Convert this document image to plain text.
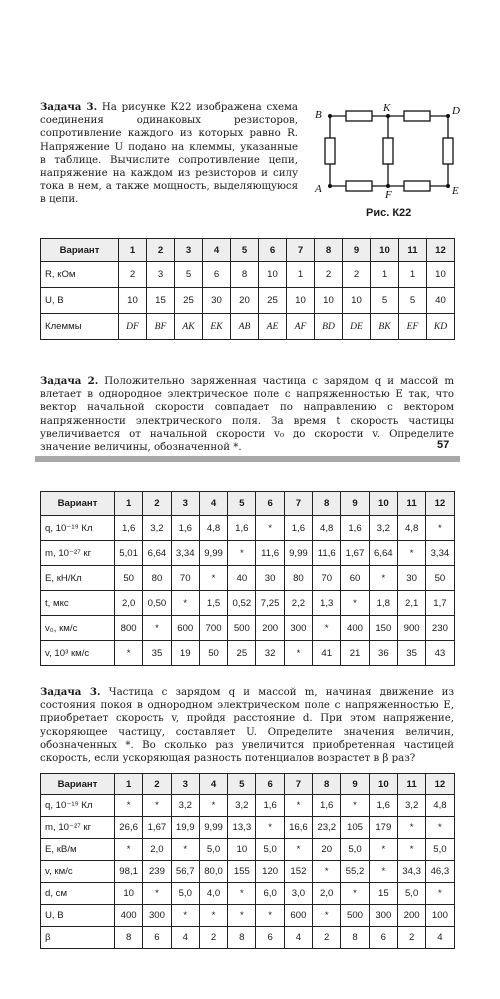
Задача 3. На рисунке К22 изображена схема соединения одинаковых резисторов, сопротивление каждого из которых равно R. Напряжение U подано на клеммы, указанные в таблице. Вычислите сопротивление цепи, напряжение на каждом из резисторов и силу тока в нем, а также мощность, выделяющуюся в цепи.

B
K	D
A	F	E
Рис. К22
Вариант	1	2	3	4	5	6	7	8	9	10	11	12
R, кОм	2	3	5	6	8	10	1	2	2	1	1	10
U, В	10	15	25	30	20	25	10	10	10	5	5	40
Клеммы	DF	BF	AK	EK	AB	AE	AF	BD	DE	BK	EF	KD

Задача 2. Положительно заряженная частица с зарядом q и массой m влетает в однородное электрическое поле с напряженностью E так, что вектор начальной скорости совпадает по направлению с вектором напряженности электрического поля. За время t скорость частицы увеличивается от начальной скорости v₀ до скорости v. Определите значение величины, обозначенной *.	57
Вариант	1	2	3	4	5	6	7	8	9	10	11	12
q, 10⁻¹⁹ Кл	1,6	3,2	1,6	4,8	1,6	*	1,6	4,8	1,6	3,2	4,8	*
m, 10⁻²⁷ кг	5,01	6,64	3,34	9,99	*	11,6	9,99	11,6	1,67	6,64	*	3,34
E, кН/Кл	50	80	70	*	40	30	80	70	60	*	30	50
t, мкс	2,0	0,50	*	1,5	0,52	7,25	2,2	1,3	*	1,8	2,1	1,7
v₀, км/с	800	*	600	700	500	200	300	*	400	150	900	230
v, 10³ км/с	*	35	19	50	25	32	*	41	21	36	35	43

Задача 3. Частица с зарядом q и массой m, начиная движение из состояния покоя в однородном электрическом поле с напряженностью E, приобретает скорость v, пройдя расстояние d. При этом напряжение, ускоряющее частицу, составляет U. Определите значения величин, обозначенных *. Во сколько раз увеличится приобретенная частицей скорость, если ускоряющая разность потенциалов возрастет в β раз?

Вариант	1	2	3	4	5	6	7	8	9	10	11	12
q, 10⁻¹⁹ Кл	*	*	3,2	*	3,2	1,6	*	1,6	*	1,6	3,2	4,8
m, 10⁻²⁷ кг	26,6	1,67	19,9	9,99	13,3	*	16,6	23,2	105	179	*	*
E, кВ/м	*	2,0	*	5,0	10	5,0	*	20	5,0	*	*	5,0
v, км/с	98,1	239	56,7	80,0	155	120	152	*	55,2	*	34,3	46,3
d, см	10	*	5,0	4,0	*	6,0	3,0	2,0	*	15	5,0	*
U, В	400	300	*	*	*	*	600	*	500	300	200	100
β	8	6	4	2	8	6	4	2	8	6	2	4
